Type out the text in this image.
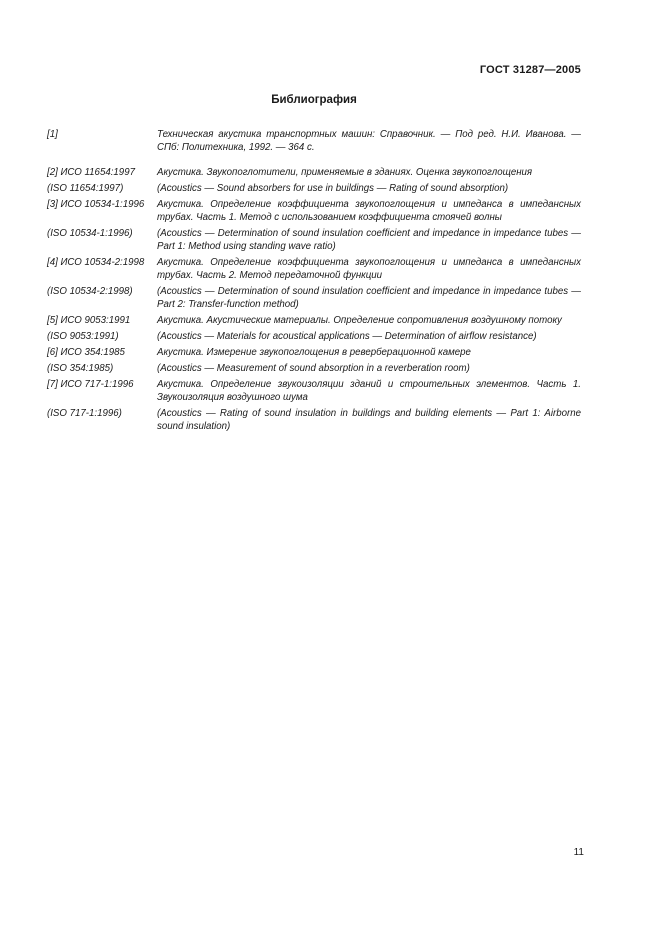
ГОСТ 31287—2005
Библиография
[1]	Техническая акустика транспортных машин: Справочник. — Под ред. Н.И. Иванова. — СПб: Политехника, 1992. — 364 с.
[2] ИСО 11654:1997	Акустика. Звукопоглотители, применяемые в зданиях. Оценка звукопоглощения
(ISO 11654:1997)	(Acoustics — Sound absorbers for use in buildings — Rating of sound absorption)
[3] ИСО 10534-1:1996	Акустика. Определение коэффициента звукопоглощения и импеданса в импедансных трубах. Часть 1. Метод с использованием коэффициента стоячей волны
(ISO 10534-1:1996)	(Acoustics — Determination of sound insulation coefficient and impedance in impedance tubes — Part 1: Method using standing wave ratio)
[4] ИСО 10534-2:1998	Акустика. Определение коэффициента звукопоглощения и импеданса в импедансных трубах. Часть 2. Метод передаточной функции
(ISO 10534-2:1998)	(Acoustics — Determination of sound insulation coefficient and impedance in impedance tubes — Part 2: Transfer-function method)
[5] ИСО 9053:1991	Акустика. Акустические материалы. Определение сопротивления воздушному потоку
(ISO 9053:1991)	(Acoustics — Materials for acoustical applications — Determination of airflow resistance)
[6] ИСО 354:1985	Акустика. Измерение звукопоглощения в реверберационной камере
(ISO 354:1985)	(Acoustics — Measurement of sound absorption in a reverberation room)
[7] ИСО 717-1:1996	Акустика. Определение звукоизоляции зданий и строительных элементов. Часть 1. Звукоизоляция воздушного шума
(ISO 717-1:1996)	(Acoustics — Rating of sound insulation in buildings and building elements — Part 1: Airborne sound insulation)
11
